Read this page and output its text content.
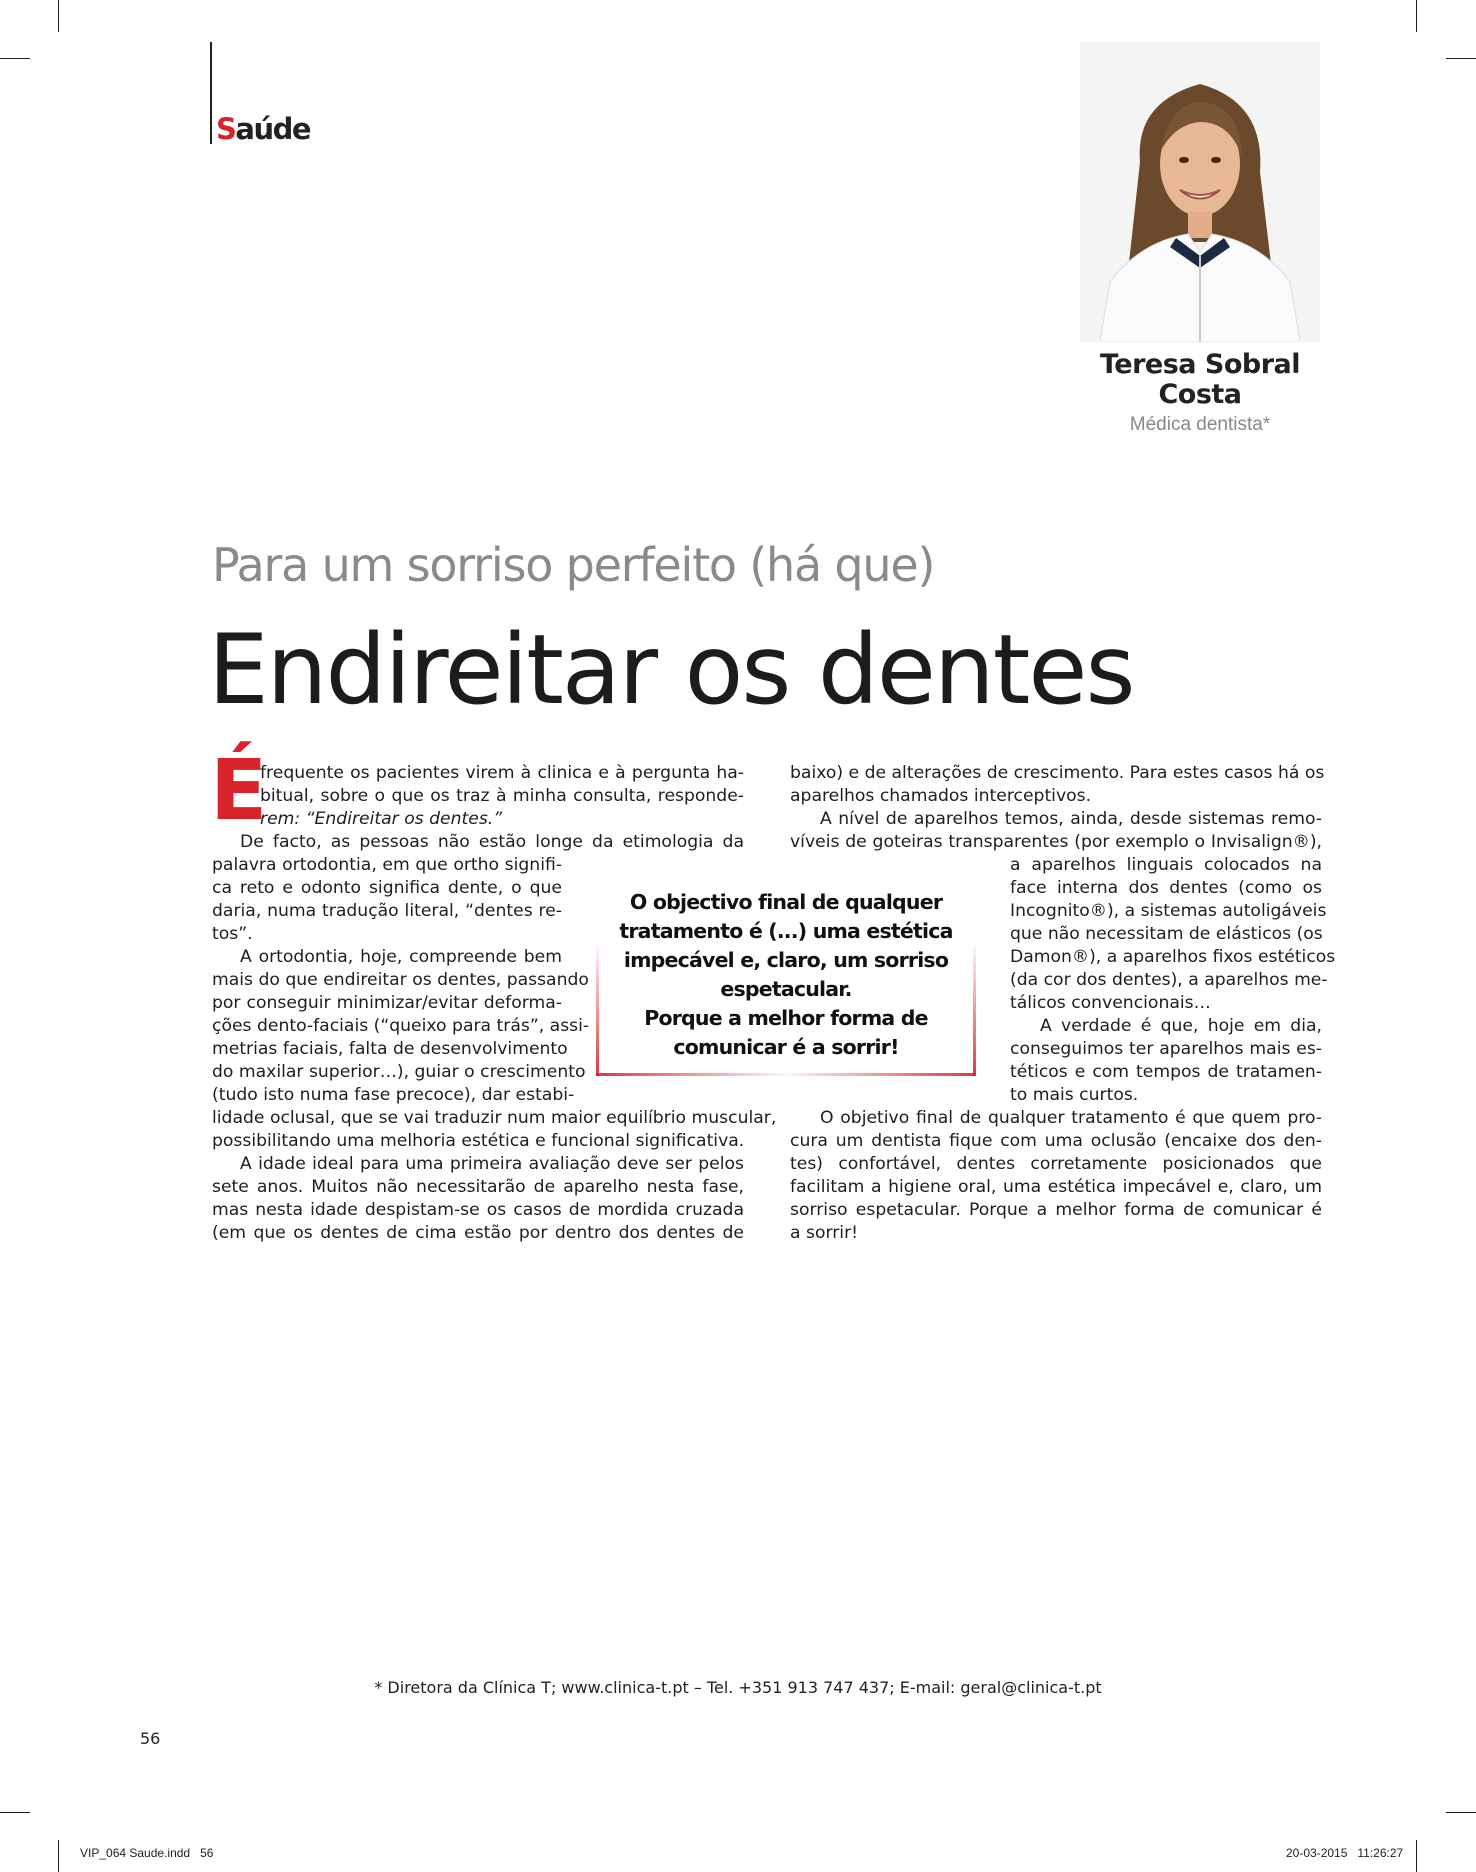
Saúde
Teresa Sobral
Costa
Médica dentista*
Para um sorriso perfeito (há que)
Endireitar os dentes
É
frequente os pacientes virem à clinica e à pergunta ha-
bitual, sobre o que os traz à minha consulta, responde-
rem: “Endireitar os dentes.”
De facto, as pessoas não estão longe da etimologia da
palavra ortodontia, em que ortho signifi-
ca reto e odonto significa dente, o que
daria, numa tradução literal, “dentes re-
tos”.
A ortodontia, hoje, compreende bem
mais do que endireitar os dentes, passando
por conseguir minimizar/evitar deforma-
ções dento-faciais (“queixo para trás”, assi-
metrias faciais, falta de desenvolvimento
do maxilar superior…), guiar o crescimento
(tudo isto numa fase precoce), dar estabi-
lidade oclusal, que se vai traduzir num maior equilíbrio muscular,
possibilitando uma melhoria estética e funcional significativa.
A idade ideal para uma primeira avaliação deve ser pelos
sete anos. Muitos não necessitarão de aparelho nesta fase,
mas nesta idade despistam-se os casos de mordida cruzada
(em que os dentes de cima estão por dentro dos dentes de
baixo) e de alterações de crescimento. Para estes casos há os
aparelhos chamados interceptivos.
A nível de aparelhos temos, ainda, desde sistemas remo-
víveis de goteiras transparentes (por exemplo o Invisalign®),
a aparelhos linguais colocados na
face interna dos dentes (como os
Incognito®), a sistemas autoligáveis
que não necessitam de elásticos (os
Damon®), a aparelhos fixos estéticos
(da cor dos dentes), a aparelhos me-
tálicos convencionais…
A verdade é que, hoje em dia,
conseguimos ter aparelhos mais es-
téticos e com tempos de tratamen-
to mais curtos.
O objetivo final de qualquer tratamento é que quem pro-
cura um dentista fique com uma oclusão (encaixe dos den-
tes) confortável, dentes corretamente posicionados que
facilitam a higiene oral, uma estética impecável e, claro, um
sorriso espetacular. Porque a melhor forma de comunicar é
a sorrir!
O objectivo final de qualquer
tratamento é (...) uma estética
impecável e, claro, um sorriso
espetacular.
Porque a melhor forma de
comunicar é a sorrir!
* Diretora da Clínica T; www.clinica-t.pt – Tel. +351 913 747 437; E-mail: geral@clinica-t.pt
56
VIP_064 Saude.indd   56	20-03-2015   11:26:27
